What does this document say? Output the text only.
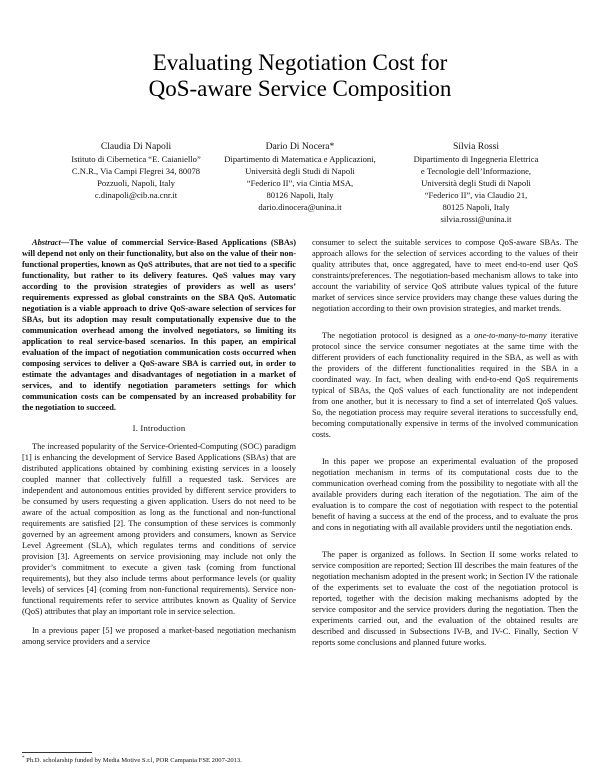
Evaluating Negotiation Cost for
QoS-aware Service Composition
Claudia Di Napoli
Istituto di Cibernetica “E. Caianiello”
C.N.R., Via Campi Flegrei 34, 80078
Pozzuoli, Napoli, Italy
c.dinapoli@cib.na.cnr.it
Dario Di Nocera*
Dipartimento di Matematica e Applicazioni,
Università degli Studi di Napoli
“Federico II”, via Cintia MSA,
80126 Napoli, Italy
dario.dinocera@unina.it
Silvia Rossi
Dipartimento di Ingegneria Elettrica
e Tecnologie dell’Informazione,
Università degli Studi di Napoli
“Federico II”, via Claudio 21,
80125 Napoli, Italy
silvia.rossi@unina.it

Abstract—The value of commercial Service-Based Applications (SBAs) will depend not only on their functionality, but also on the value of their non-functional properties, known as QoS attributes, that are not tied to a specific functionality, but rather to its delivery features. QoS values may vary according to the provision strategies of providers as well as users’ requirements expressed as global constraints on the SBA QoS. Automatic negotiation is a viable approach to drive QoS-aware selection of services for SBAs, but its adoption may result computationally expensive due to the communication overhead among the involved negotiators, so limiting its application to real service-based scenarios. In this paper, an empirical evaluation of the impact of negotiation communication costs occurred when composing services to deliver a QoS-aware SBA is carried out, in order to estimate the advantages and disadvantages of negotiation in a market of services, and to identify negotiation parameters settings for which communication costs can be compensated by an increased probability for the negotiation to succeed.

I. Introduction

The increased popularity of the Service-Oriented-Computing (SOC) paradigm [1] is enhancing the development of Service Based Applications (SBAs) that are distributed applications obtained by combining existing services in a loosely coupled manner that collectively fulfill a requested task. Services are independent and autonomous entities provided by different service providers to be consumed by users requesting a given application. Users do not need to be aware of the actual composition as long as the functional and non-functional requirements are satisfied [2]. The consumption of these services is commonly governed by an agreement among providers and consumers, known as Service Level Agreement (SLA), which regulates terms and conditions of service provision [3]. Agreements on service provisioning may include not only the provider’s commitment to execute a given task (coming from functional requirements), but they also include terms about performance levels (or quality levels) of services [4] (coming from non-functional requirements). Service non-functional requirements refer to service attributes known as Quality of Service (QoS) attributes that play an important role in service selection.

In a previous paper [5] we proposed a market-based negotiation mechanism among service providers and a service

* Ph.D. scholarship funded by Media Motive S.r.l, POR Campania FSE 2007-2013.

consumer to select the suitable services to compose QoS-aware SBAs. The approach allows for the selection of services according to the values of their quality attributes that, once aggregated, have to meet end-to-end user QoS constraints/preferences. The negotiation-based mechanism allows to take into account the variability of service QoS attribute values typical of the future market of services since service providers may change these values during the negotiation according to their own provision strategies, and market trends.

The negotiation protocol is designed as a one-to-many-to-many iterative protocol since the service consumer negotiates at the same time with the different providers of each functionality required in the SBA, as well as with the providers of the different functionalities required in the SBA in a coordinated way. In fact, when dealing with end-to-end QoS requirements typical of SBAs, the QoS values of each functionality are not independent from one another, but it is necessary to find a set of interrelated QoS values. So, the negotiation process may require several iterations to successfully end, becoming computationally expensive in terms of the involved communication costs.

In this paper we propose an experimental evaluation of the proposed negotiation mechanism in terms of its computational costs due to the communication overhead coming from the possibility to negotiate with all the available providers during each iteration of the negotiation. The aim of the evaluation is to compare the cost of negotiation with respect to the potential benefit of having a success at the end of the process, and to evaluate the pros and cons in negotiating with all available providers until the negotiation ends.

The paper is organized as follows. In Section II some works related to service composition are reported; Section III describes the main features of the negotiation mechanism adopted in the present work; in Section IV the rationale of the experiments set to evaluate the cost of the negotiation protocol is reported, together with the decision making mechanisms adopted by the service compositor and the service providers during the negotiation. Then the experiments carried out, and the evaluation of the obtained results are described and discussed in Subsections IV-B, and IV-C. Finally, Section V reports some conclusions and planned future works.
